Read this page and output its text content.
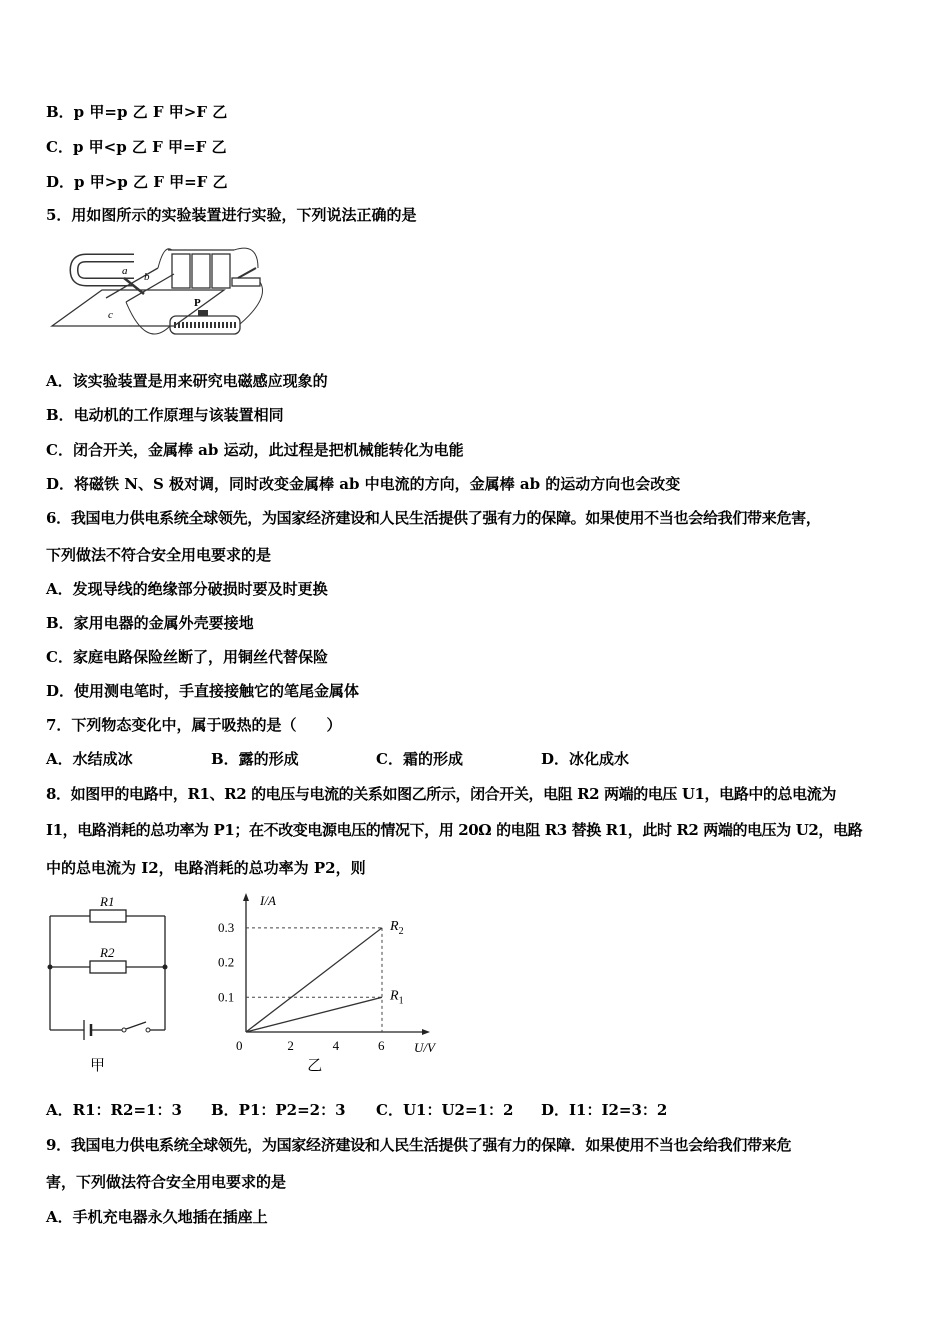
B．p 甲=p 乙 F 甲>F 乙
C．p 甲<p 乙 F 甲=F 乙
D．p 甲>p 乙 F 甲=F 乙
5．用如图所示的实验装置进行实验，下列说法正确的是
a b
c
P
A．该实验装置是用来研究电磁感应现象的
B．电动机的工作原理与该装置相同
C．闭合开关，金属棒 ab 运动，此过程是把机械能转化为电能
D．将磁铁 N、S 极对调，同时改变金属棒 ab 中电流的方向，金属棒 ab 的运动方向也会改变
6．我国电力供电系统全球领先，为国家经济建设和人民生活提供了强有力的保障。如果使用不当也会给我们带来危害，
下列做法不符合安全用电要求的是
A．发现导线的绝缘部分破损时要及时更换
B．家用电器的金属外壳要接地
C．家庭电路保险丝断了，用铜丝代替保险
D．使用测电笔时，手直接接触它的笔尾金属体
7．下列物态变化中，属于吸热的是（　　）
A．水结成冰	B．露的形成	C．霜的形成	D．冰化成水
8．如图甲的电路中，R1、R2 的电压与电流的关系如图乙所示，闭合开关，电阻 R2 两端的电压 U1，电路中的总电流为
I1，电路消耗的总功率为 P1；在不改变电源电压的情况下，用 20Ω 的电阻 R3 替换 R1，此时 R2 两端的电压为 U2，电路
中的总电流为 I2，电路消耗的总功率为 P2，则
R1
R2
甲
I/A
U/V
0	2	4	6
0.1
0.2
0.3	$R_2$
$R_1$
乙
A．R1：R2=1：3 B．P1：P2=2：3 C．U1：U2=1：2 D．I1：I2=3：2
9．我国电力供电系统全球领先，为国家经济建设和人民生活提供了强有力的保障．如果使用不当也会给我们带来危
害，下列做法符合安全用电要求的是
A．手机充电器永久地插在插座上
